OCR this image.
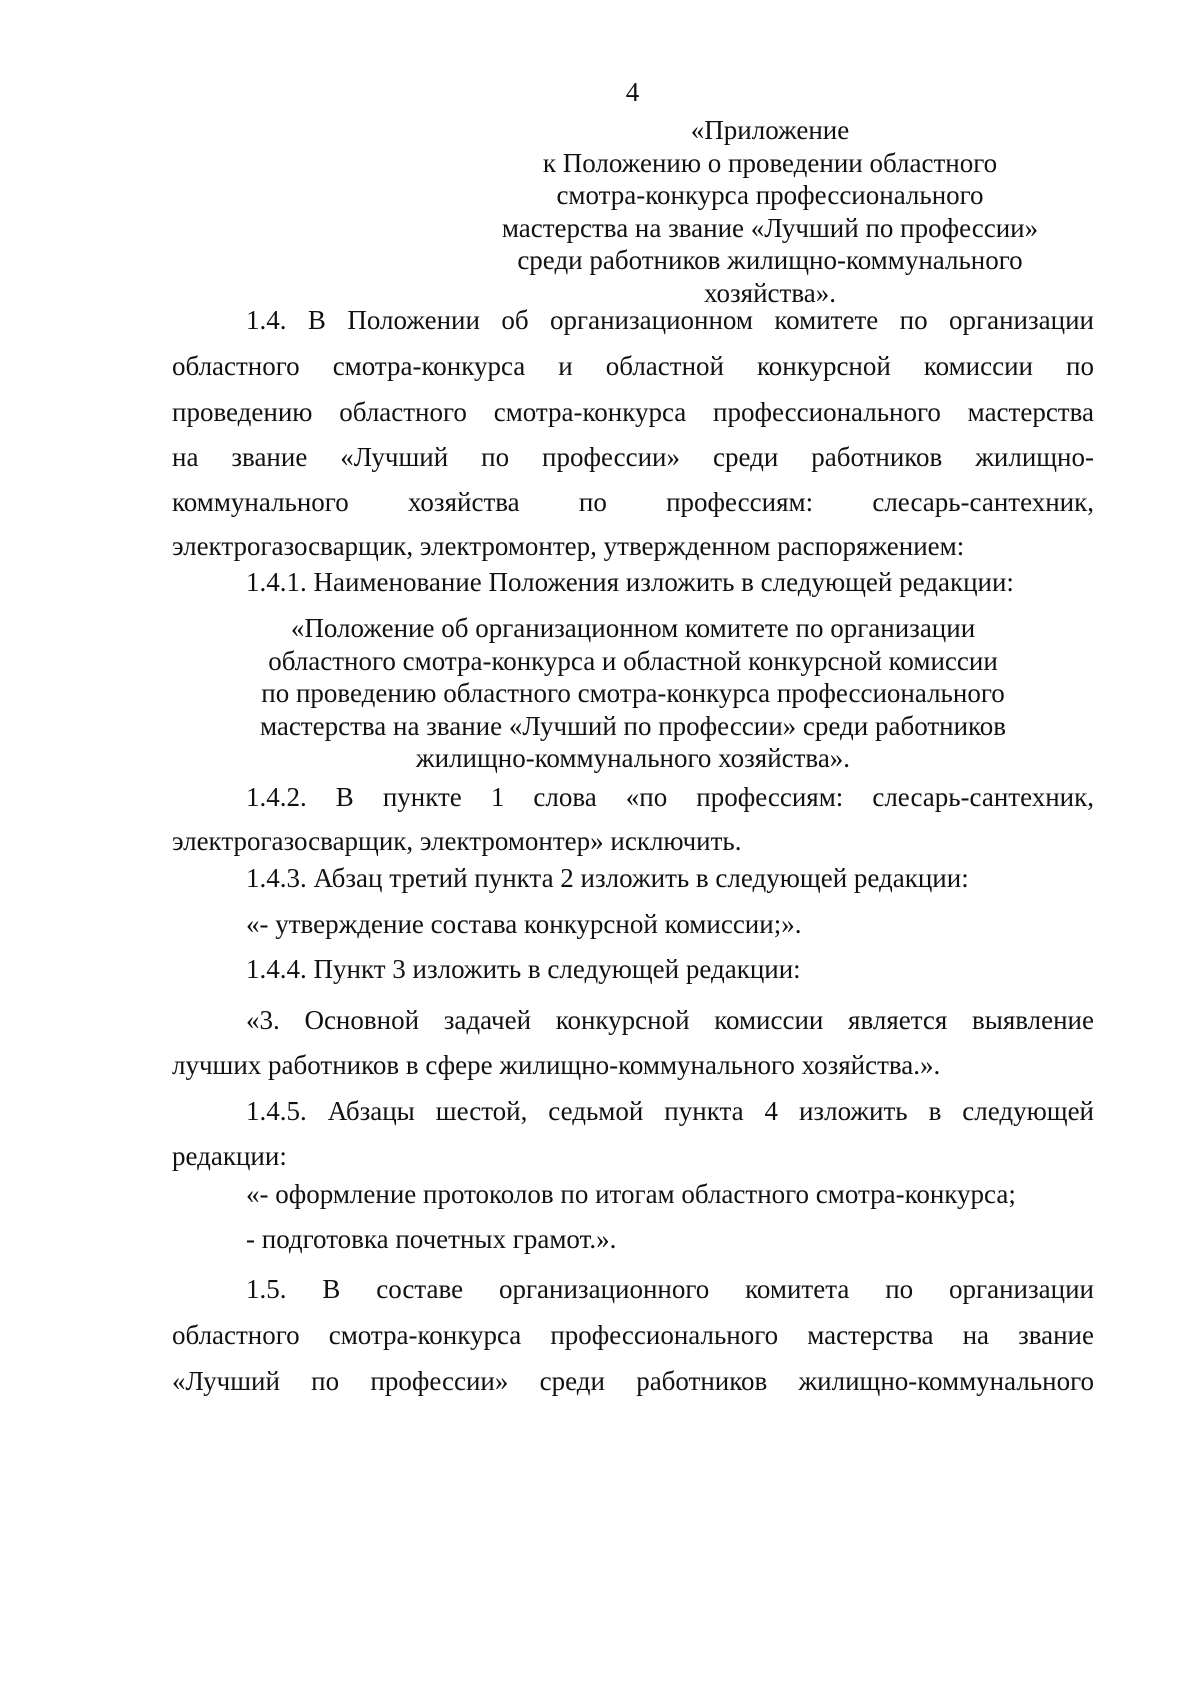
4
«Приложение
к Положению о проведении областного
смотра-конкурса профессионального
мастерства на звание «Лучший по профессии»
среди работников жилищно-коммунального
хозяйства».
1.4. В Положении об организационном комитете по организации
областного смотра-конкурса и областной конкурсной комиссии по
проведению областного смотра-конкурса профессионального мастерства
на звание «Лучший по профессии» среди работников жилищно-
коммунального хозяйства по профессиям: слесарь-сантехник,
электрогазосварщик, электромонтер, утвержденном распоряжением:
1.4.1. Наименование Положения изложить в следующей редакции:
«Положение об организационном комитете по организации
областного смотра-конкурса и областной конкурсной комиссии
по проведению областного смотра-конкурса профессионального
мастерства на звание «Лучший по профессии» среди работников
жилищно-коммунального хозяйства».
1.4.2. В пункте 1 слова «по профессиям: слесарь-сантехник,
электрогазосварщик, электромонтер» исключить.
1.4.3. Абзац третий пункта 2 изложить в следующей редакции:
«- утверждение состава конкурсной комиссии;».
1.4.4. Пункт 3 изложить в следующей редакции:
«3. Основной задачей конкурсной комиссии является выявление
лучших работников в сфере жилищно-коммунального хозяйства.».
1.4.5. Абзацы шестой, седьмой пункта 4 изложить в следующей
редакции:
«- оформление протоколов по итогам областного смотра-конкурса;
- подготовка почетных грамот.».
1.5. В составе организационного комитета по организации
областного смотра-конкурса профессионального мастерства на звание
«Лучший по профессии» среди работников жилищно-коммунального
